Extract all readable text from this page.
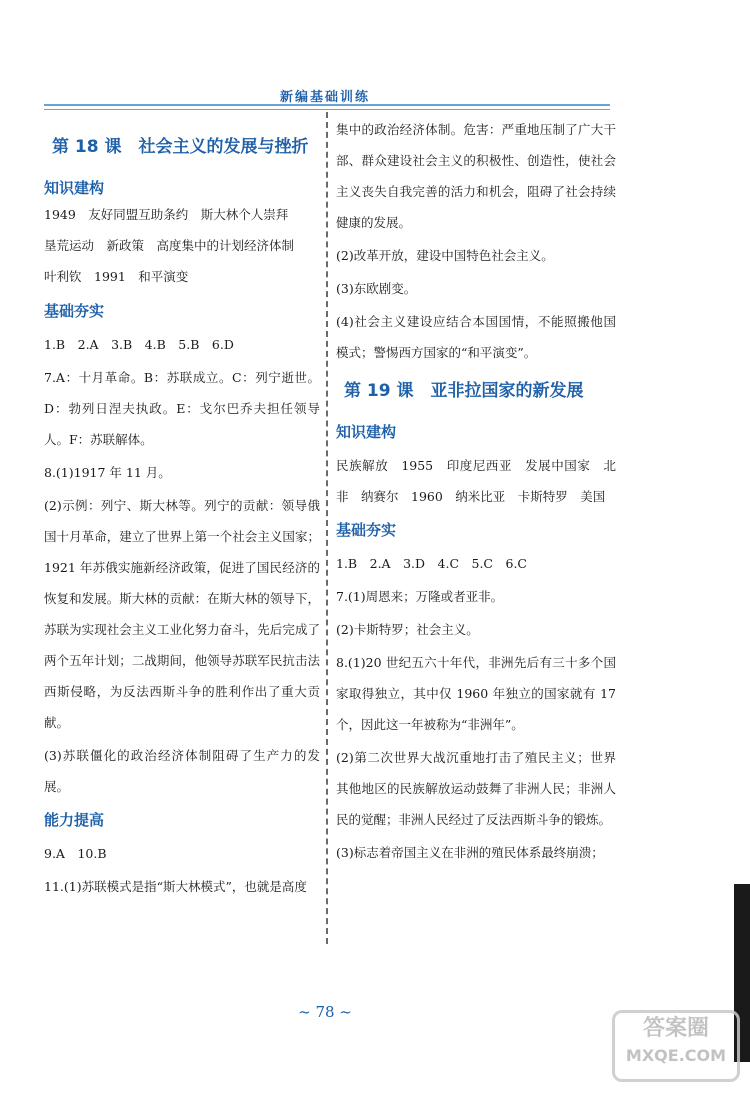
新编基础训练
第 18 课　社会主义的发展与挫折
知识建构
1949　友好同盟互助条约　斯大林个人崇拜
垦荒运动　新政策　高度集中的计划经济体制
叶利钦　1991　和平演变
基础夯实
1.B　2.A　3.B　4.B　5.B　6.D
7.A：十月革命。B：苏联成立。C：列宁逝世。D：勃列日涅夫执政。E：戈尔巴乔夫担任领导人。F：苏联解体。
8.(1)1917 年 11 月。
(2)示例：列宁、斯大林等。列宁的贡献：领导俄国十月革命，建立了世界上第一个社会主义国家；1921 年苏俄实施新经济政策，促进了国民经济的恢复和发展。斯大林的贡献：在斯大林的领导下，苏联为实现社会主义工业化努力奋斗，先后完成了两个五年计划；二战期间，他领导苏联军民抗击法西斯侵略，为反法西斯斗争的胜利作出了重大贡献。
(3)苏联僵化的政治经济体制阻碍了生产力的发展。
能力提高
9.A　10.B
11.(1)苏联模式是指“斯大林模式”，也就是高度
集中的政治经济体制。危害：严重地压制了广大干部、群众建设社会主义的积极性、创造性，使社会主义丧失自我完善的活力和机会，阻碍了社会持续健康的发展。
(2)改革开放，建设中国特色社会主义。
(3)东欧剧变。
(4)社会主义建设应结合本国国情，不能照搬他国模式；警惕西方国家的“和平演变”。
第 19 课　亚非拉国家的新发展
知识建构
民族解放　1955　印度尼西亚　发展中国家　北非　纳赛尔　1960　纳米比亚　卡斯特罗　美国
基础夯实
1.B　2.A　3.D　4.C　5.C　6.C
7.(1)周恩来；万隆或者亚非。
(2)卡斯特罗；社会主义。
8.(1)20 世纪五六十年代，非洲先后有三十多个国家取得独立，其中仅 1960 年独立的国家就有 17 个，因此这一年被称为“非洲年”。
(2)第二次世界大战沉重地打击了殖民主义；世界其他地区的民族解放运动鼓舞了非洲人民；非洲人民的觉醒；非洲人民经过了反法西斯斗争的锻炼。
(3)标志着帝国主义在非洲的殖民体系最终崩溃；
~ 78 ~
答案圈
MXQE.COM
